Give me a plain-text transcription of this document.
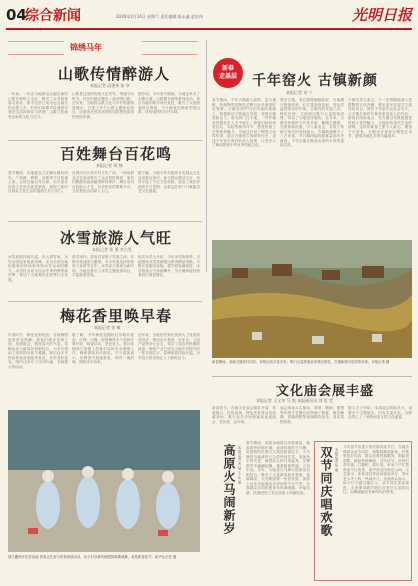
04
综合新闻	2026年2月14日 星期六 责任编辑:陈永鑫 赵宏伟	光明日报
锦绣马年
山歌传情醉游人
本报记者 高建伟 张 亭
一年前，一首由当地群众自编自演的山歌在网络上走红，吸引了众多游客慕名而来。如今这里已成为远近闻名的山歌之乡，村民们用歌声传递着对美好生活的向往与热爱，山歌文化焕发出新的生机与活力。
山歌是这里的传统文化符号，每逢节庆时节，村民们便会聚在一起对唱山歌。近年来，当地将山歌文化与乡村旅游深度融合，打造了多个山歌主题体验项目，让游客在欣赏美景的同时感受浓浓的民俗风情。
据介绍，今年春节期间，当地还举办了山歌大赛、山歌擂台赛等系列活动，来自各地的歌手同台竞技，吸引了大批游客驻足观看，不少游客还现场学唱山歌，体验别样的乡村年味。
百姓舞台百花鸣
本报记者 周 锦
春节期间，各地群众文艺舞台精彩纷呈，广场舞、秧歌、戏曲等节目轮番上演，百姓自编自导自演，用丰富多彩的文艺形式欢度新春，展现了新时代群众文化生活的蓬勃生机与活力。
在城市社区和乡村文化广场，一场场群众文艺演出吸引了众多居民观看，演员们精湛的表演赢得阵阵掌声，舞台成为百姓展示才艺、分享快乐的重要平台，文化惠民活动深入人心。
据了解，当地今年共组织各类群众文化活动数百场次，参与群众数以万计，有效丰富了节日文化供给，营造了欢乐祥和的节日氛围，让群众在家门口就能享受文化盛宴。
冰雪旅游人气旺
本报记者 张 勇 李占发
冰雪旅游持续升温，各大滑雪场、冰雪乐园迎来客流高峰，来自全国各地的游客纷纷前来体验冰雪运动的魅力，冰雪经济成为拉动冬季消费的新引擎，带动了当地餐饮住宿等行业发展。
滑雪场内，游客们穿梭于雪道之间，尽情享受速度与激情。不少家庭选择带着孩子来滑雪过年，冰雪亲子游成为新时尚。当地还推出了冰雪主题夜游项目，丰富游客体验。
相关负责人介绍，今年冰雪旅游季，当地围绕冰雪资源推出系列精品线路，不断完善服务设施，提升游客满意度，冰雪旅游人气持续攀升，节日期间接待游客同比明显增长。
梅花香里唤早春
本报记者 张 敏
早春时节，梅花竞相绽放，各地梅园迎来赏花热潮。游客们漫步花海之间，拍照留念，感受春天的气息。赏梅活动与新春民俗相结合，为节日增添了浓浓的诗意与雅趣，吸引众多市民和游客前来踏青赏花，乐享美好春光。园内还举办了诗词吟诵、书画展示等活动。
据了解，今年梅花花期较往年略有提前，红梅、白梅、绿萼梅等多个品种次第开放，暗香浮动，景色宜人。景区管理部门加强了游客引导和安全保障工作，确保游客有序游览。不少游客表示，在梅香中迎接新春，别有一番韵味，期待来年再来。
近年来，当地依托梅花资源大力发展赏花经济，推出花卉观赏、农家乐、文创产品等多元业态，带动了周边村民增收致富。梅花产业已成为当地乡村振兴的一张亮丽名片，赏梅旅游持续升温，为早春文旅市场注入了新的活力。
浙江衢州开化县某地 游客正在参与民俗表演活动，孩子们身着传统服饰载歌载舞，欢度新春佳节。新华社记者 摄
新春
走基层	千年窑火 古镇新颜
本报记者 刘 宁
春节期间，千年古镇游人如织，窑火重燃，传统陶瓷烧制技艺吸引众多游客驻足观看。古镇在保护历史风貌的基础上，积极推动文旅融合发展，老街区焕发新活力，成为热门打卡地。一件件精美瓷器在匠人手中诞生，游客们纷纷体验拉坯、彩绘等制作环节，感受传统工艺的独特魅力。当地还开设了陶瓷文化体验馆，展示古镇悠久的制瓷历史，讲述千年窑火背后的动人故事，让更多人了解和热爱中华优秀传统文化。
漫步古镇，青石板路蜿蜒曲折，白墙黛瓦错落有致，红灯笼高高挂起，处处洋溢着浓浓的年味。古镇内的非遗工坊、特色民宿、文创商店吸引大量游客消费，带动了当地居民增收。近年来，古镇坚持保护与开发并重，修缮古建筑，完善基础设施，引入新业态，实现了传统与现代的有机融合，古镇新颜吸引了八方来客，节日期间接待游客量创历史新高，千年古镇正焕发出前所未有的蓬勃生机。
古镇负责人表示，下一步将继续深入挖掘陶瓷文化内涵，推出更多沉浸式文旅体验项目，擦亮千年窑火这张金名片，让古镇在新时代焕发更加迷人的光彩。游客们纷纷表示，在古镇过年既能感受传统文化的魅力，又能体验现代生活的便利，这样的新春之旅令人难忘，期待下次再来。古镇还计划举办陶瓷艺术节，邀请各地艺术家共襄盛举。
新春期间，某地古镇张灯结彩，民俗活动丰富多彩，吸引大量游客前来观光游览，古镇新颜尽显浓浓年味。本报记者 摄
文化庙会展丰盛
本报记者 王宝华 马 悦 本报通讯员 刘 思 莹
新春佳节，各地文化庙会精彩开幕，非遗展示、民俗表演、特色美食等活动轮番登场，吸引众多市民游客前来逛庙会、赏民俗、品年味。
庙会现场人头攒动，剪纸、糖画、面塑等传统手艺摊位前围满了游客，舞龙舞狮、高跷秧歌等表演精彩纷呈，喜庆氛围浓厚。
据主办方介绍，本届庙会持续多天，设置多个主题展区，内容丰富多彩，为群众奉上了一场热闹非凡的文化盛宴。
高原火马闹新岁 本报记者 宋 喆 王 永 豪
春节期间，高原各地群众身着盛装，跳起欢快的锅庄舞，表演传统的火马舞，用独特的民族方式欢度新春佳节。火马舞是当地流传已久的民间艺术，表演者手持火把，骑着彩扎的马形道具，在锣鼓声中翩翩起舞，寓意驱邪纳福、五谷丰登。今年，当地将火马舞与旅游活动相结合，吸引了大量游客前来观看。夜幕降临，火光映照着一张张笑脸，高原上处处洋溢着欢乐祥和的节日气氛，各族群众共同祈愿来年风调雨顺、幸福安康，民族团结之花在高原上绚丽绽放。 双节同庆唱欢歌 本报记者 吴 明
今年春节恰逢少数民族传统节日，当地各族群众双节同庆，载歌载舞迎新春。村寨里张灯结彩，群众身着民族服饰，唱起祝酒歌，跳起传统舞蹈，共庆佳节。村民们杀年猪、打糍粑、做年饭，家家户户忙着准备节日美食，欢声笑语回荡在山间。文艺演出、体育竞技等活动接连举办，男女老少齐上阵，热闹非凡。各族群众表示，如今日子越过越红火，双节同庆更添喜悦，大家要用歌声唱出对美好生活的向往，用舞蹈跳出对新时代的赞美。
